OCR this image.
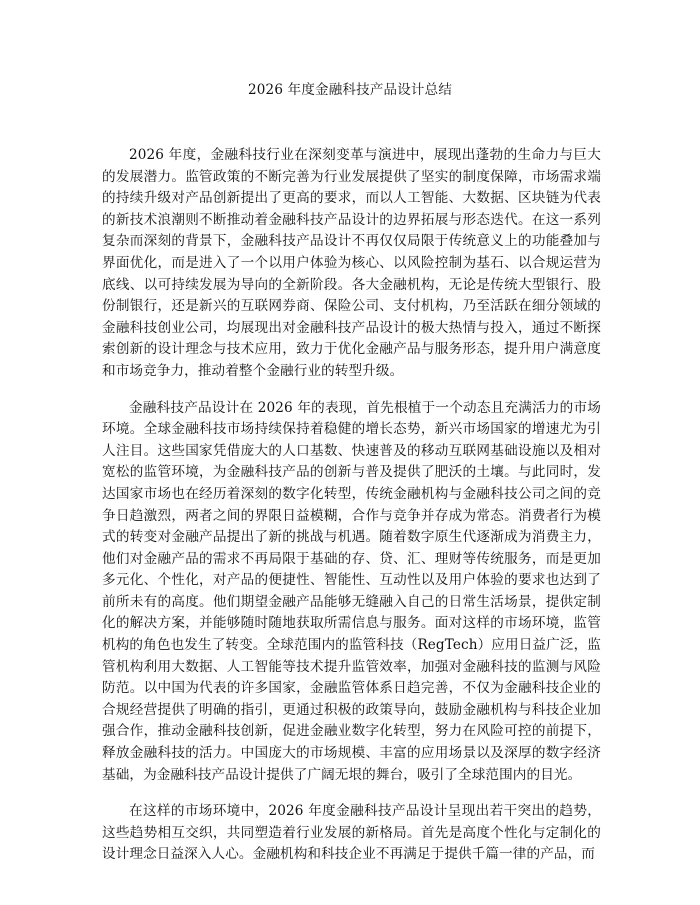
2026 年度金融科技产品设计总结

2026 年度，金融科技行业在深刻变革与演进中，展现出蓬勃的生命力与巨大的发展潜力。监管政策的不断完善为行业发展提供了坚实的制度保障，市场需求端的持续升级对产品创新提出了更高的要求，而以人工智能、大数据、区块链为代表的新技术浪潮则不断推动着金融科技产品设计的边界拓展与形态迭代。在这一系列复杂而深刻的背景下，金融科技产品设计不再仅仅局限于传统意义上的功能叠加与界面优化，而是进入了一个以用户体验为核心、以风险控制为基石、以合规运营为底线、以可持续发展为导向的全新阶段。各大金融机构，无论是传统大型银行、股份制银行，还是新兴的互联网券商、保险公司、支付机构，乃至活跃在细分领域的金融科技创业公司，均展现出对金融科技产品设计的极大热情与投入，通过不断探索创新的设计理念与技术应用，致力于优化金融产品与服务形态，提升用户满意度和市场竞争力，推动着整个金融行业的转型升级。

金融科技产品设计在 2026 年的表现，首先根植于一个动态且充满活力的市场环境。全球金融科技市场持续保持着稳健的增长态势，新兴市场国家的增速尤为引人注目。这些国家凭借庞大的人口基数、快速普及的移动互联网基础设施以及相对宽松的监管环境，为金融科技产品的创新与普及提供了肥沃的土壤。与此同时，发达国家市场也在经历着深刻的数字化转型，传统金融机构与金融科技公司之间的竞争日趋激烈，两者之间的界限日益模糊，合作与竞争并存成为常态。消费者行为模式的转变对金融产品提出了新的挑战与机遇。随着数字原生代逐渐成为消费主力，他们对金融产品的需求不再局限于基础的存、贷、汇、理财等传统服务，而是更加多元化、个性化，对产品的便捷性、智能性、互动性以及用户体验的要求也达到了前所未有的高度。他们期望金融产品能够无缝融入自己的日常生活场景，提供定制化的解决方案，并能够随时随地获取所需信息与服务。面对这样的市场环境，监管机构的角色也发生了转变。全球范围内的监管科技（RegTech）应用日益广泛，监管机构利用大数据、人工智能等技术提升监管效率，加强对金融科技的监测与风险防范。以中国为代表的许多国家，金融监管体系日趋完善，不仅为金融科技企业的合规经营提供了明确的指引，更通过积极的政策导向，鼓励金融机构与科技企业加强合作，推动金融科技创新，促进金融业数字化转型，努力在风险可控的前提下，释放金融科技的活力。中国庞大的市场规模、丰富的应用场景以及深厚的数字经济基础，为金融科技产品设计提供了广阔无垠的舞台，吸引了全球范围内的目光。

在这样的市场环境中，2026 年度金融科技产品设计呈现出若干突出的趋势，这些趋势相互交织，共同塑造着行业发展的新格局。首先是高度个性化与定制化的设计理念日益深入人心。金融机构和科技企业不再满足于提供千篇一律的产品，而
